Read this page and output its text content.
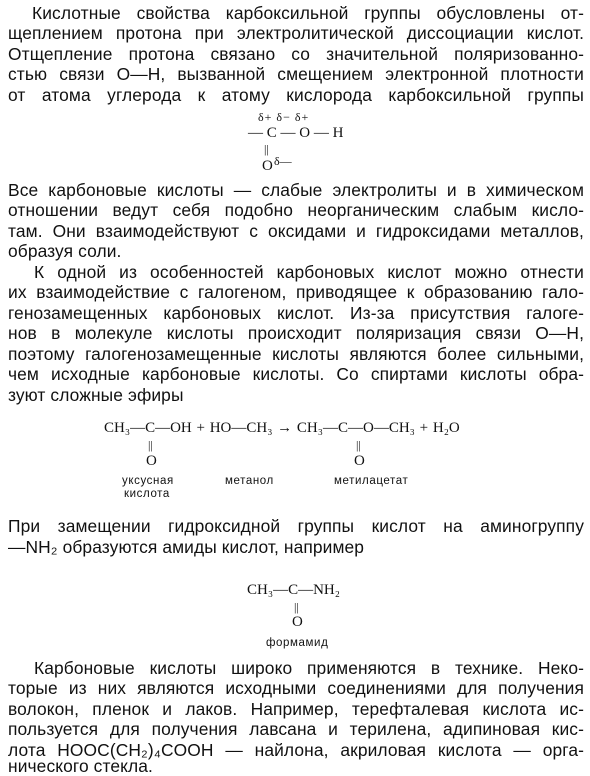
Кислотные свойства карбоксильной группы обусловлены от-
щеплением протона при электролитической диссоциации кислот.
Отщепление протона связано со значительной поляризованно-
стью связи О—Н, вызванной смещением электронной плотности
от атома углерода к атому кислорода карбоксильной группы
δ+ δ− δ+
— C — O — H
||
O δ—
Все карбоновые кислоты — слабые электролиты и в химическом
отношении ведут себя подобно неорганическим слабым кисло-
там. Они взаимодействуют с оксидами и гидроксидами металлов,
образуя соли.
К одной из особенностей карбоновых кислот можно отнести
их взаимодействие с галогеном, приводящее к образованию гало-
генозамещенных карбоновых кислот. Из-за присутствия галоге-
нов в молекуле кислоты происходит поляризация связи О—Н,
поэтому галогенозамещенные кислоты являются более сильными,
чем исходные карбоновые кислоты. Со спиртами кислоты обра-
зуют сложные эфиры
CH₃—C—OH + HO—CH₃ → CH₃—C—O—CH₃ + H₂O
||
O
||
O
уксусная
кислота
метанол	метилацетат
При замещении гидроксидной группы кислот на аминогруппу
—NH₂ образуются амиды кислот, например
CH₃—C—NH₂
||
O
формамид
Карбоновые кислоты широко применяются в технике. Неко-
торые из них являются исходными соединениями для получения
волокон, пленок и лаков. Например, терефталевая кислота ис-
пользуется для получения лавсана и терилена, адипиновая кис-
лота HOOC(CH₂)₄COOH — найлона, акриловая кислота — орга-
нического стекла.
